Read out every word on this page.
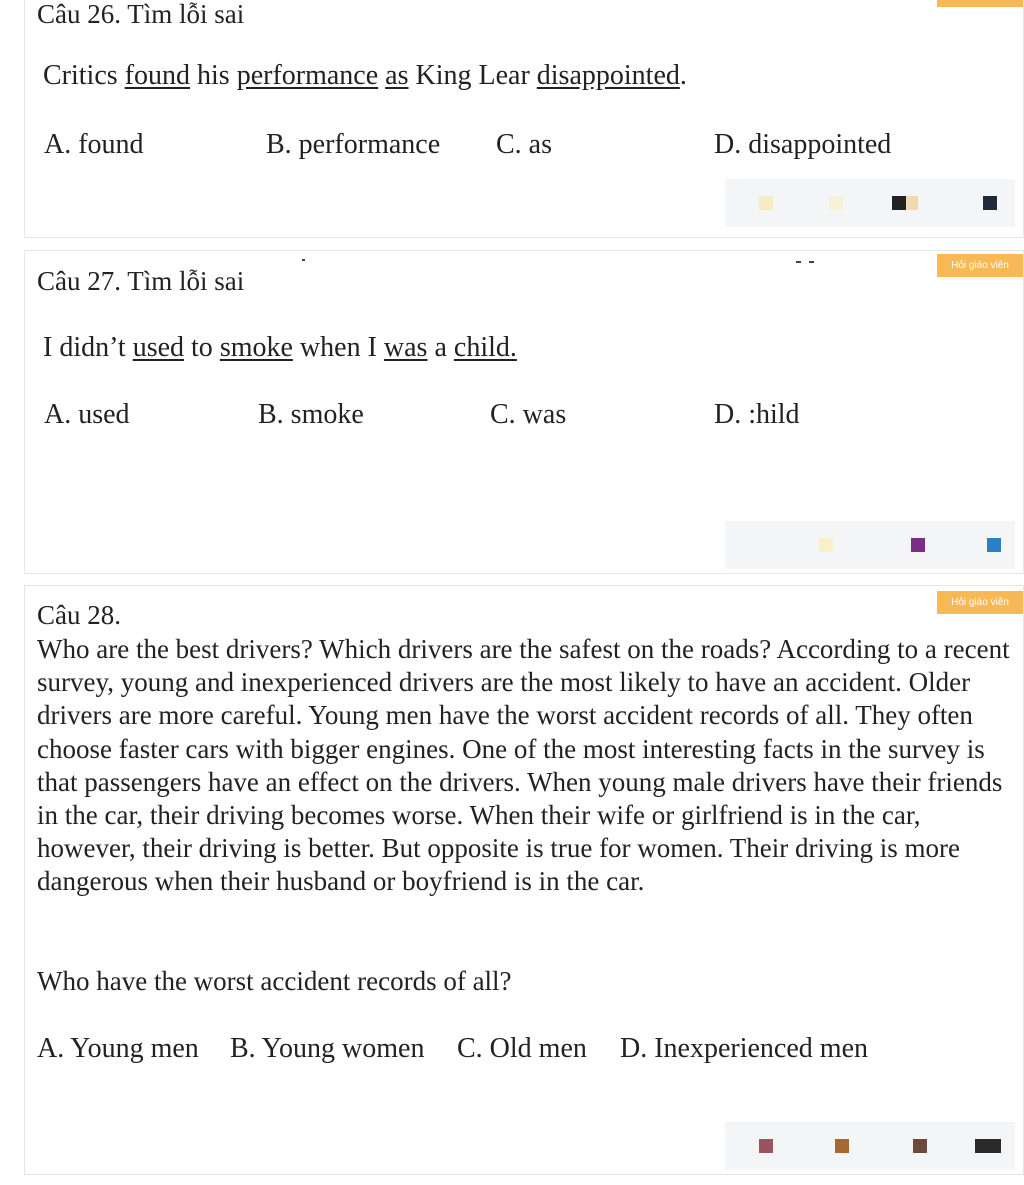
Câu 26. Tìm lỗi sai
Critics found his performance as King Lear disappointed.
A. found	B. performance C. as	D. disappointed
Hỏi giáo viên
Câu 27. Tìm lỗi sai
I didn’t used to smoke when I was a child.
A. used	B. smoke	C. was	D. :hild
Hỏi giáo viên
Câu 28.

Who are the best drivers? Which drivers are the safest on the roads? According to a recent survey, young and inexperienced drivers are the most likely to have an accident. Older drivers are more careful. Young men have the worst accident records of all. They often choose faster cars with bigger engines. One of the most interesting facts in the survey is that passengers have an effect on the drivers. When young male drivers have their friends in the car, their driving becomes worse. When their wife or girlfriend is in the car, however, their driving is better. But opposite is true for women. Their driving is more dangerous when their husband or boyfriend is in the car.

Who have the worst accident records of all?
A. Young men B. Young women C. Old men D. Inexperienced men
